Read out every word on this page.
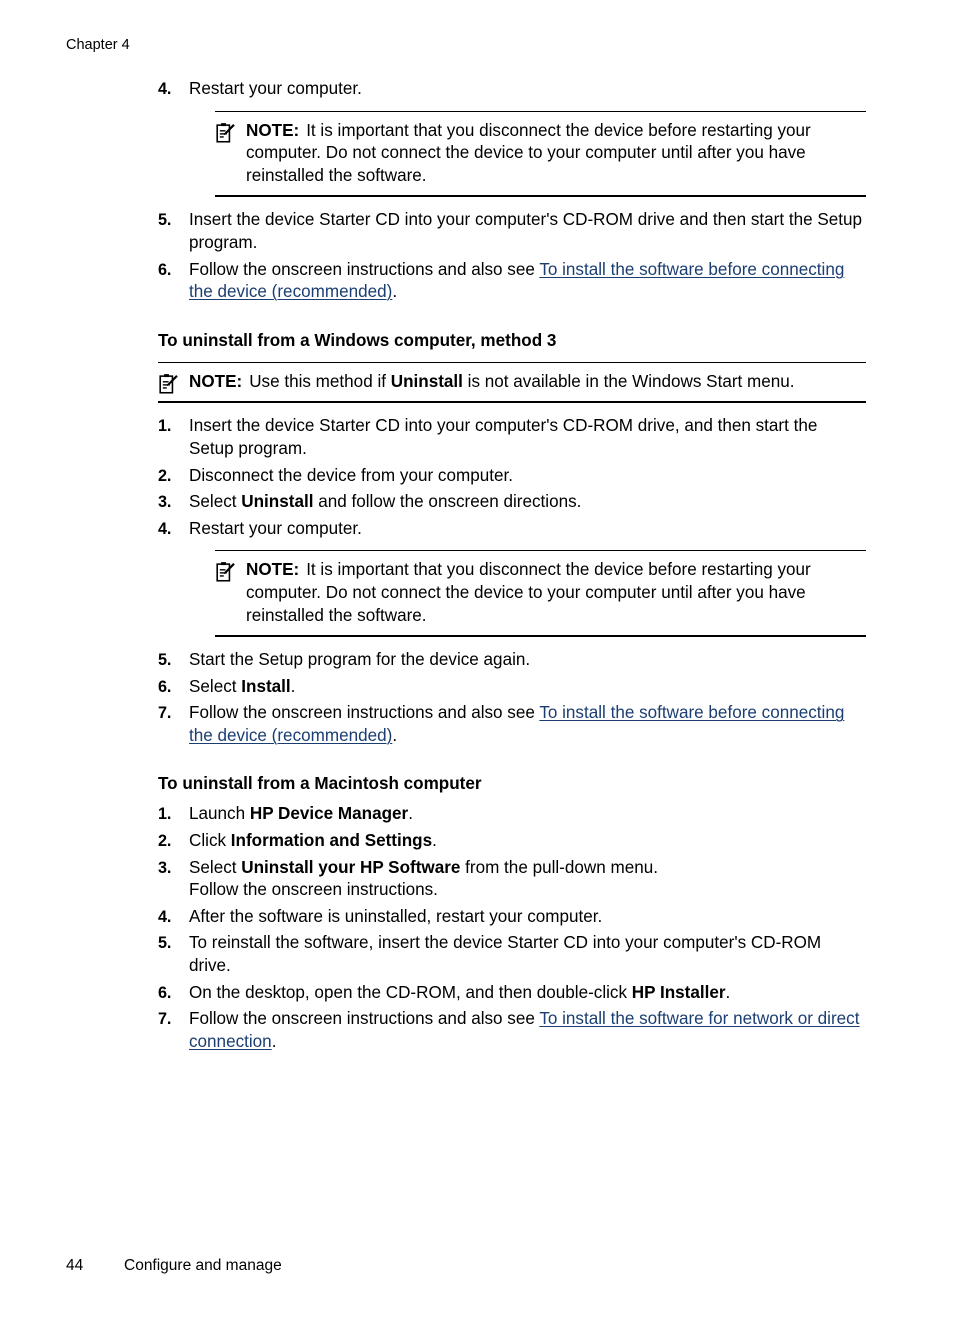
Chapter 4
4. Restart your computer.
NOTE: It is important that you disconnect the device before restarting your computer. Do not connect the device to your computer until after you have reinstalled the software.
5. Insert the device Starter CD into your computer's CD-ROM drive and then start the Setup program.
6. Follow the onscreen instructions and also see To install the software before connecting the device (recommended).
To uninstall from a Windows computer, method 3
NOTE: Use this method if Uninstall is not available in the Windows Start menu.
1. Insert the device Starter CD into your computer's CD-ROM drive, and then start the Setup program.
2. Disconnect the device from your computer.
3. Select Uninstall and follow the onscreen directions.
4. Restart your computer.
NOTE: It is important that you disconnect the device before restarting your computer. Do not connect the device to your computer until after you have reinstalled the software.
5. Start the Setup program for the device again.
6. Select Install.
7. Follow the onscreen instructions and also see To install the software before connecting the device (recommended).
To uninstall from a Macintosh computer
1. Launch HP Device Manager.
2. Click Information and Settings.
3. Select Uninstall your HP Software from the pull-down menu.
Follow the onscreen instructions.
4. After the software is uninstalled, restart your computer.
5. To reinstall the software, insert the device Starter CD into your computer's CD-ROM drive.
6. On the desktop, open the CD-ROM, and then double-click HP Installer.
7. Follow the onscreen instructions and also see To install the software for network or direct connection.
44	Configure and manage
